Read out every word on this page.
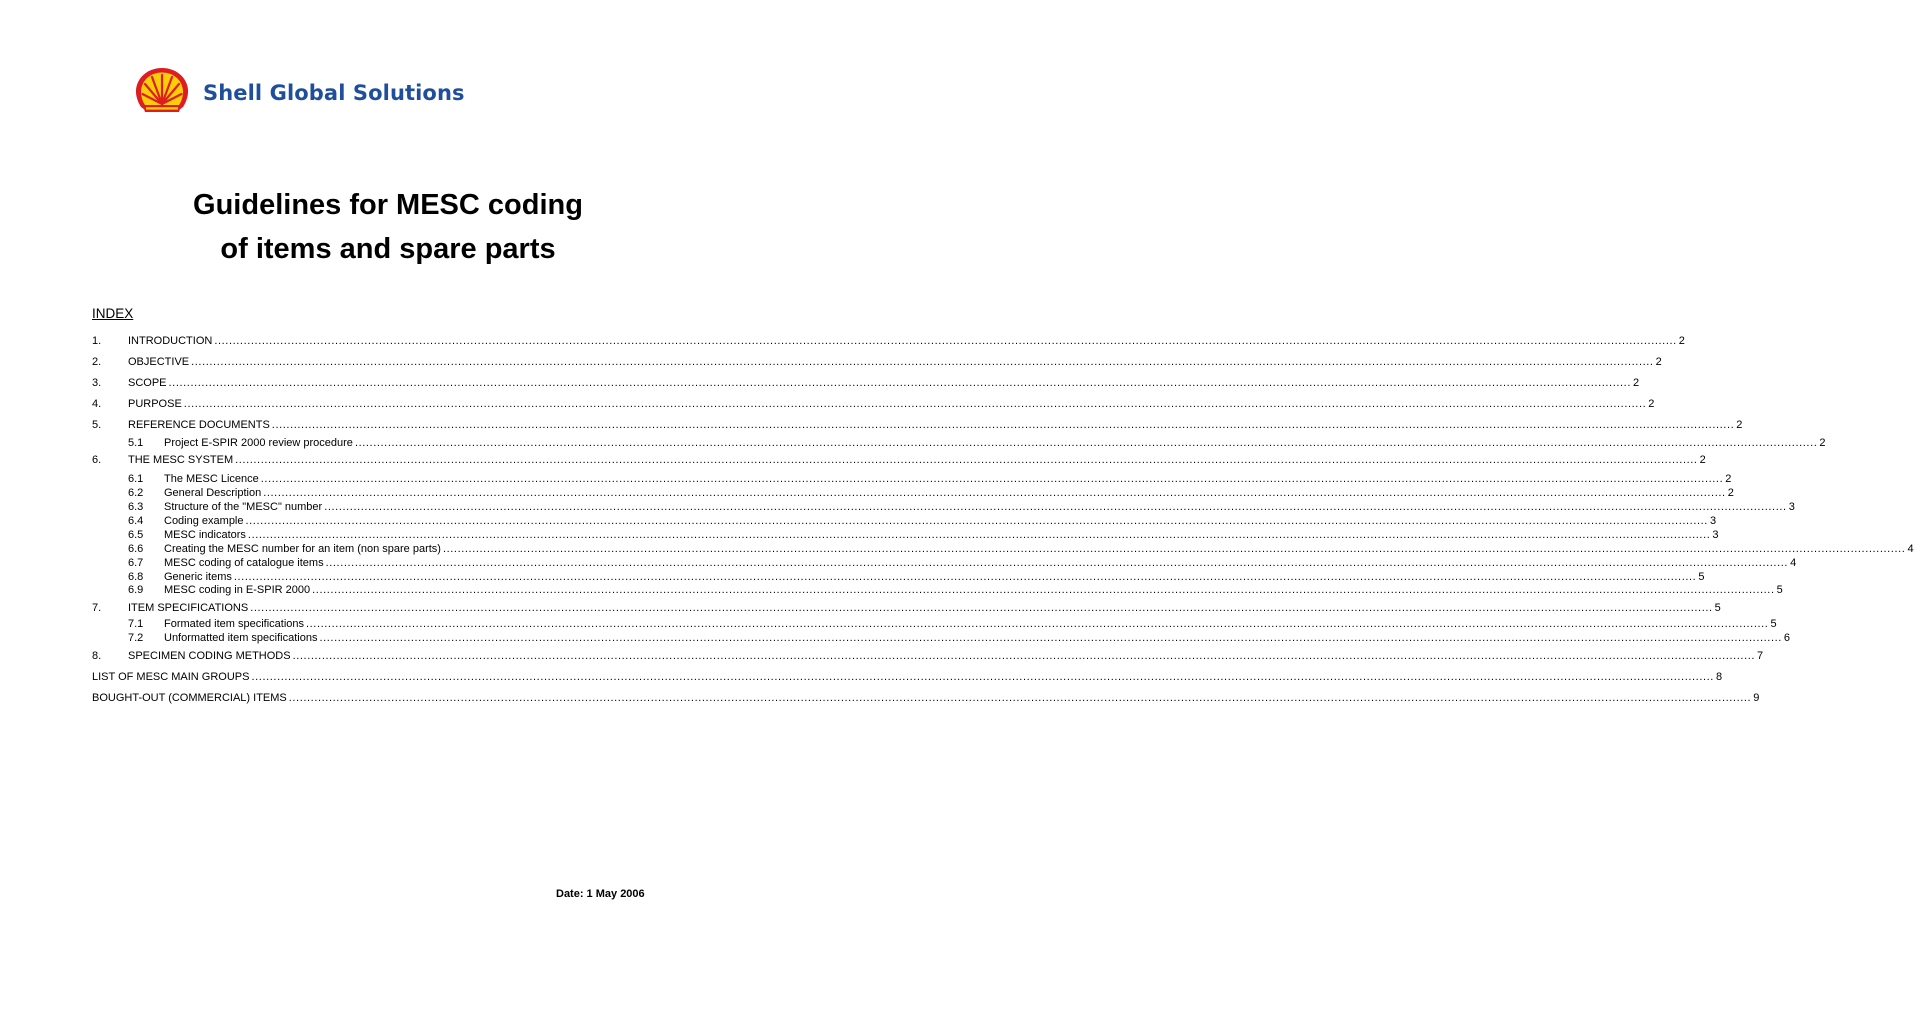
Shell Global Solutions
Guidelines for MESC coding
of items and spare parts
INDEX
1. INTRODUCTION ................................................................................................................................................................................................................................................................................................................................................................................................................ 2
2. OBJECTIVE ................................................................................................................................................................................................................................................................................................................................................................................................................ 2
3. SCOPE ................................................................................................................................................................................................................................................................................................................................................................................................................ 2
4. PURPOSE ................................................................................................................................................................................................................................................................................................................................................................................................................ 2
5. REFERENCE DOCUMENTS ................................................................................................................................................................................................................................................................................................................................................................................................................ 2
5.1 Project E-SPIR 2000 review procedure ................................................................................................................................................................................................................................................................................................................................................................................................................ 2
6. THE MESC SYSTEM ................................................................................................................................................................................................................................................................................................................................................................................................................ 2
6.1 The MESC Licence ................................................................................................................................................................................................................................................................................................................................................................................................................ 2
6.2 General Description ................................................................................................................................................................................................................................................................................................................................................................................................................ 2
6.3 Structure of the "MESC" number ................................................................................................................................................................................................................................................................................................................................................................................................................ 3
6.4 Coding example ................................................................................................................................................................................................................................................................................................................................................................................................................ 3
6.5 MESC indicators ................................................................................................................................................................................................................................................................................................................................................................................................................ 3
6.6 Creating the MESC number for an item (non spare parts) ................................................................................................................................................................................................................................................................................................................................................................................................................ 4
6.7 MESC coding of catalogue items ................................................................................................................................................................................................................................................................................................................................................................................................................ 4
6.8 Generic items ................................................................................................................................................................................................................................................................................................................................................................................................................ 5
6.9 MESC coding in E-SPIR 2000 ................................................................................................................................................................................................................................................................................................................................................................................................................ 5
7. ITEM SPECIFICATIONS ................................................................................................................................................................................................................................................................................................................................................................................................................ 5
7.1 Formated item specifications ................................................................................................................................................................................................................................................................................................................................................................................................................ 5
7.2 Unformatted item specifications ................................................................................................................................................................................................................................................................................................................................................................................................................ 6
8. SPECIMEN CODING METHODS ................................................................................................................................................................................................................................................................................................................................................................................................................ 7
LIST OF MESC MAIN GROUPS ................................................................................................................................................................................................................................................................................................................................................................................................................ 8
BOUGHT-OUT (COMMERCIAL) ITEMS ................................................................................................................................................................................................................................................................................................................................................................................................................ 9
Date: 1 May 2006
